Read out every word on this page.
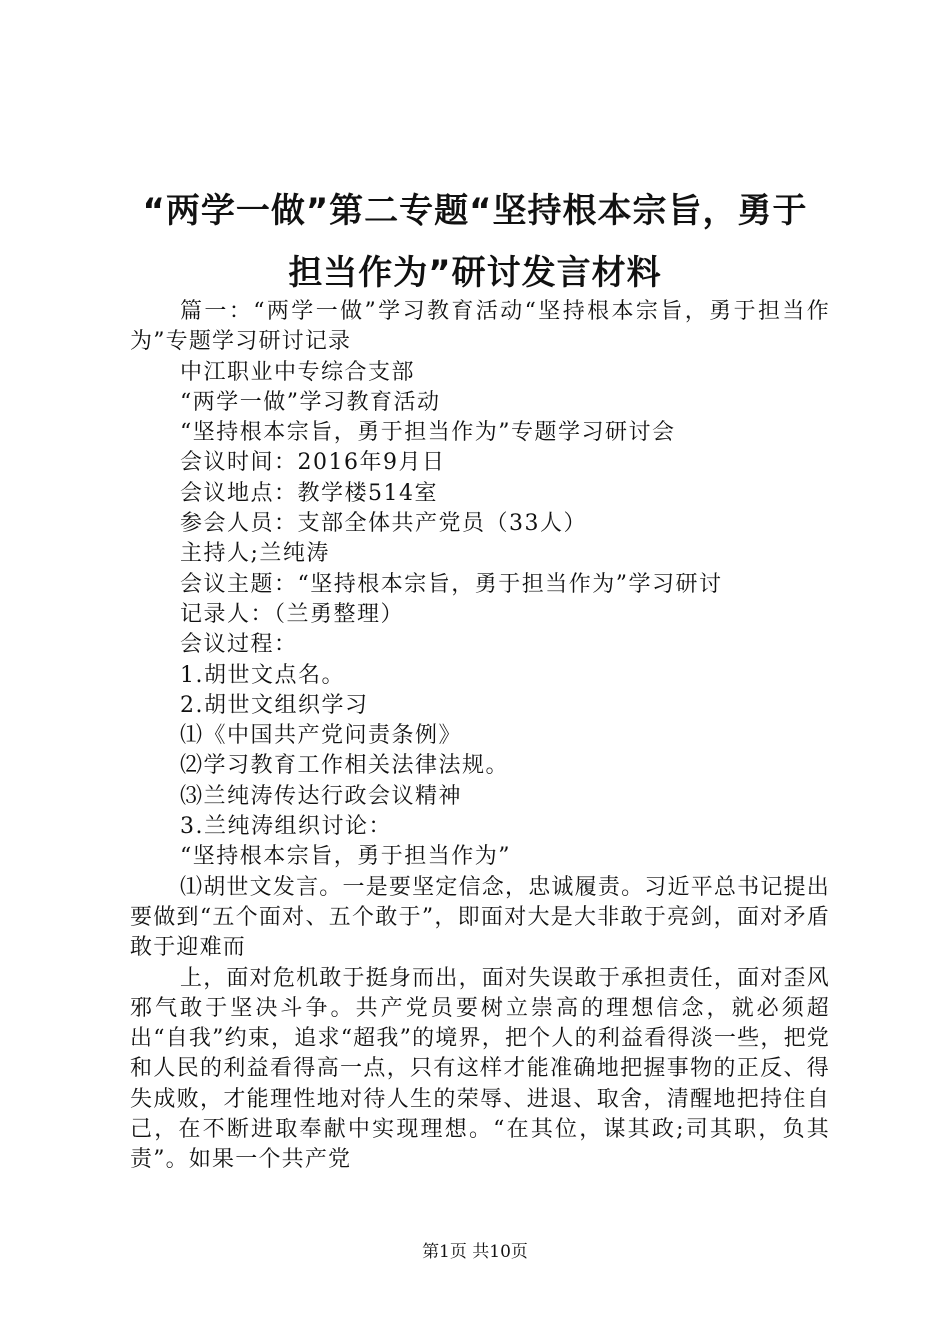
“两学一做”第二专题“坚持根本宗旨，勇于
担当作为”研讨发言材料

篇一：“两学一做”学习教育活动“坚持根本宗旨，勇于担当作为”专题学习研讨记录

中江职业中专综合支部

“两学一做”学习教育活动

“坚持根本宗旨，勇于担当作为”专题学习研讨会

会议时间：2016年9月日

会议地点：教学楼514室

参会人员：支部全体共产党员（33人）

主持人;兰纯涛

会议主题：“坚持根本宗旨，勇于担当作为”学习研讨

记录人：（兰勇整理）

会议过程：

1.胡世文点名。

2.胡世文组织学习

⑴《中国共产党问责条例》

⑵学习教育工作相关法律法规。

⑶兰纯涛传达行政会议精神

3.兰纯涛组织讨论：

“坚持根本宗旨，勇于担当作为”

⑴胡世文发言。一是要坚定信念，忠诚履责。习近平总书记提出要做到“五个面对、五个敢于”，即面对大是大非敢于亮剑，面对矛盾敢于迎难而

上，面对危机敢于挺身而出，面对失误敢于承担责任，面对歪风邪气敢于坚决斗争。共产党员要树立崇高的理想信念，就必须超出“自我”约束，追求“超我”的境界，把个人的利益看得淡一些，把党和人民的利益看得高一点，只有这样才能准确地把握事物的正反、得失成败，才能理性地对待人生的荣辱、进退、取舍，清醒地把持住自己，在不断进取奉献中实现理想。“在其位，谋其政;司其职，负其责”。如果一个共产党

第1页 共10页
